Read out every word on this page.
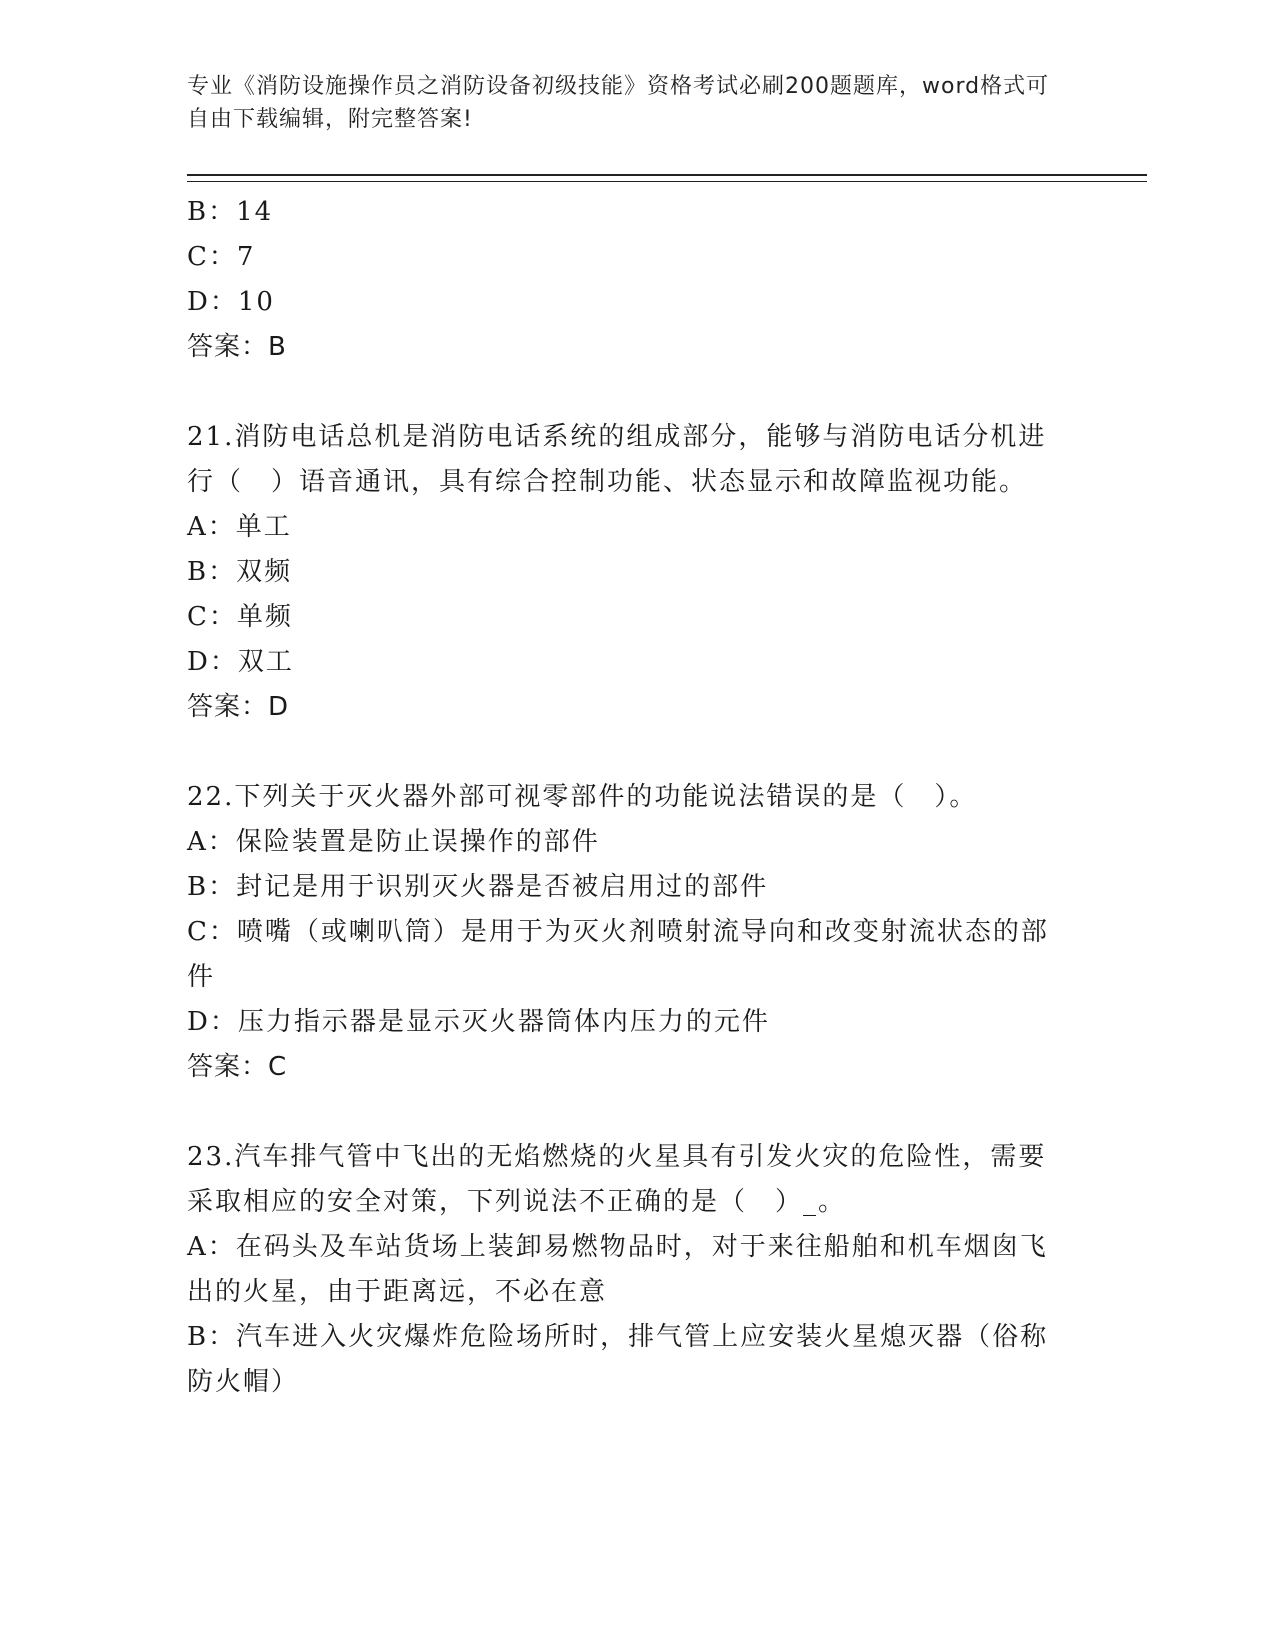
专业《消防设施操作员之消防设备初级技能》资格考试必刷200题题库，word格式可自由下载编辑，附完整答案!
B：14
C：7
D：10
答案：B
21.消防电话总机是消防电话系统的组成部分，能够与消防电话分机进行（　）语音通讯，具有综合控制功能、状态显示和故障监视功能。
A：单工
B：双频
C：单频
D：双工
答案：D
22.下列关于灭火器外部可视零部件的功能说法错误的是（　）。
A：保险装置是防止误操作的部件
B：封记是用于识别灭火器是否被启用过的部件
C：喷嘴（或喇叭筒）是用于为灭火剂喷射流导向和改变射流状态的部件
D：压力指示器是显示灭火器筒体内压力的元件
答案：C
23.汽车排气管中飞出的无焰燃烧的火星具有引发火灾的危险性，需要采取相应的安全对策，下列说法不正确的是（　）_。
A：在码头及车站货场上装卸易燃物品时，对于来往船舶和机车烟囱飞出的火星，由于距离远，不必在意
B：汽车进入火灾爆炸危险场所时，排气管上应安装火星熄灭器（俗称防火帽）
